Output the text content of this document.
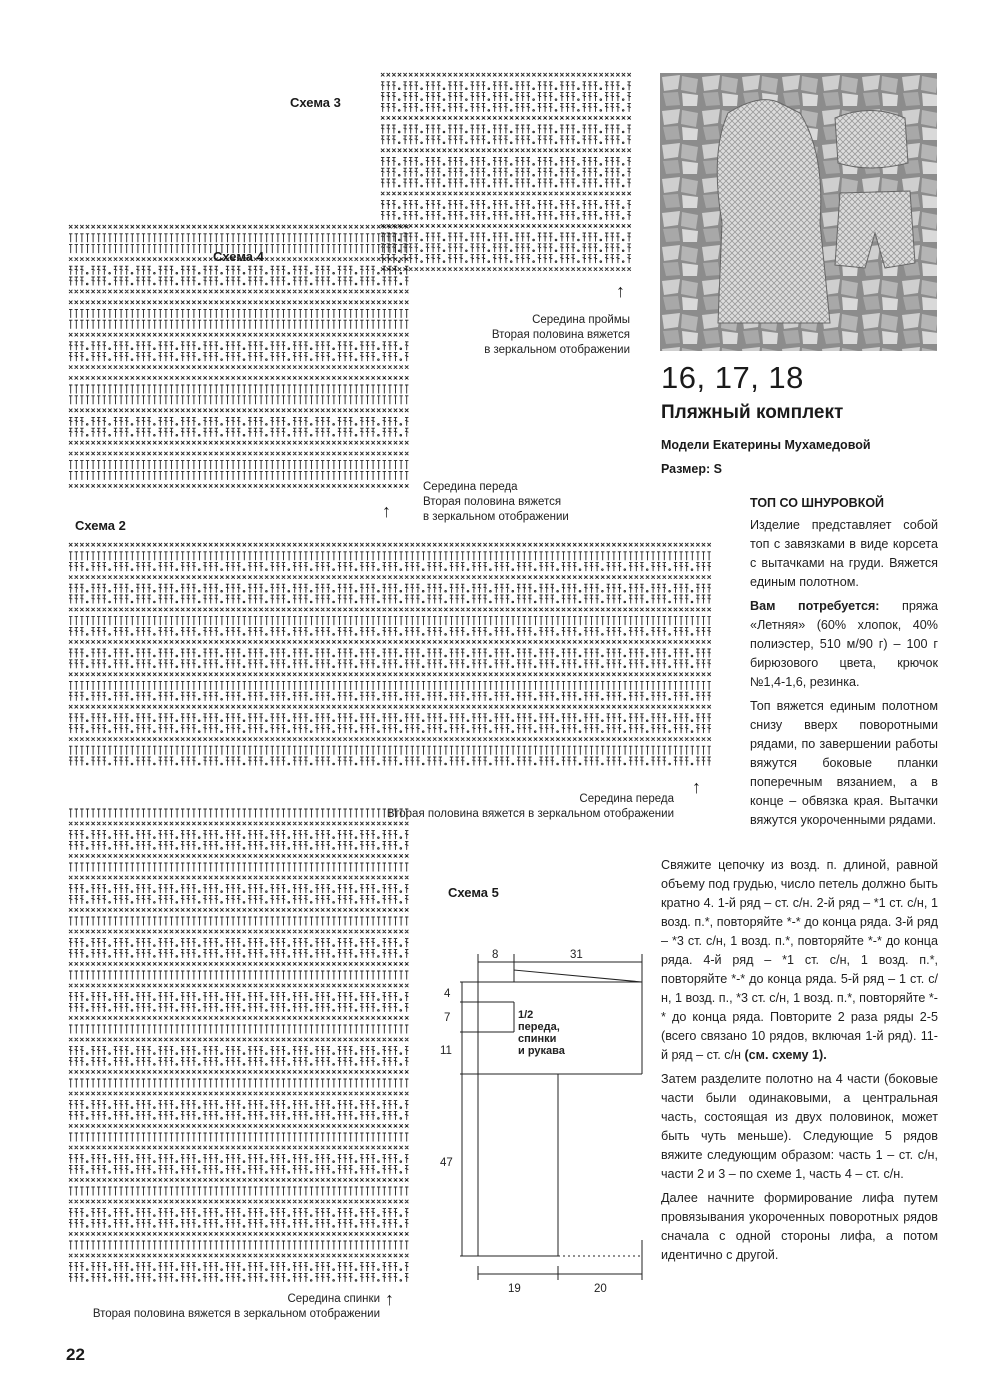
Схема 3
↑
Середина проймы
Вторая половина вяжется
в зеркальном отображении
Схема 4
↑
Середина переда
Вторая половина вяжется
в зеркальном отображении
Схема 2
↑
Середина переда
Вторая половина вяжется в зеркальном отображении
↑
Середина спинки
Вторая половина вяжется в зеркальном отображении
Схема 5
8	31
4
7
11
47
19	20
1/2
переда,
спинки
и рукава
16, 17, 18
Пляжный комплект
Модели Екатерины Мухамедовой
Размер: S
ТОП СО ШНУРОВКОЙ

Изделие представляет собой топ с завязками в виде корсета с вытачками на груди. Вяжется единым полотном.

Вам потребуется: пряжа «Летняя» (60% хлопок, 40% полиэстер, 510 м/90 г) – 100 г бирюзового цвета, крючок №1,4-1,6, резинка.

Топ вяжется единым полотном снизу вверх поворотными рядами, по завершении работы вяжутся боковые планки поперечным вязанием, а в конце – обвязка края. Вытачки вяжутся укороченными рядами.

Свяжите цепочку из возд. п. длиной, равной объему под грудью, число петель должно быть кратно 4. 1-й ряд – ст. с/н. 2-й ряд – *1 ст. с/н, 1 возд. п.*, повторяйте *-* до конца ряда. 3-й ряд – *3 ст. с/н, 1 возд. п.*, повторяйте *-* до конца ряда. 4-й ряд – *1 ст. с/н, 1 возд. п.*, повторяйте *-* до конца ряда. 5-й ряд – 1 ст. с/н, 1 возд. п., *3 ст. с/н, 1 возд. п.*, повторяйте *-* до конца ряда. Повторите 2 раза ряды 2-5 (всего связано 10 рядов, включая 1-й ряд). 11-й ряд – ст. с/н (см. схему 1).

Затем разделите полотно на 4 части (боковые части были одинаковыми, а центральная часть, состоящая из двух половинок, может быть чуть меньше). Следующие 5 рядов вяжите следующим образом: часть 1 – ст. с/н, части 2 и 3 – по схеме 1, часть 4 – ст. с/н.

Далее начните формирование лифа путем провязывания укороченных поворотных рядов сначала с одной стороны лифа, а потом идентично с другой.

22
